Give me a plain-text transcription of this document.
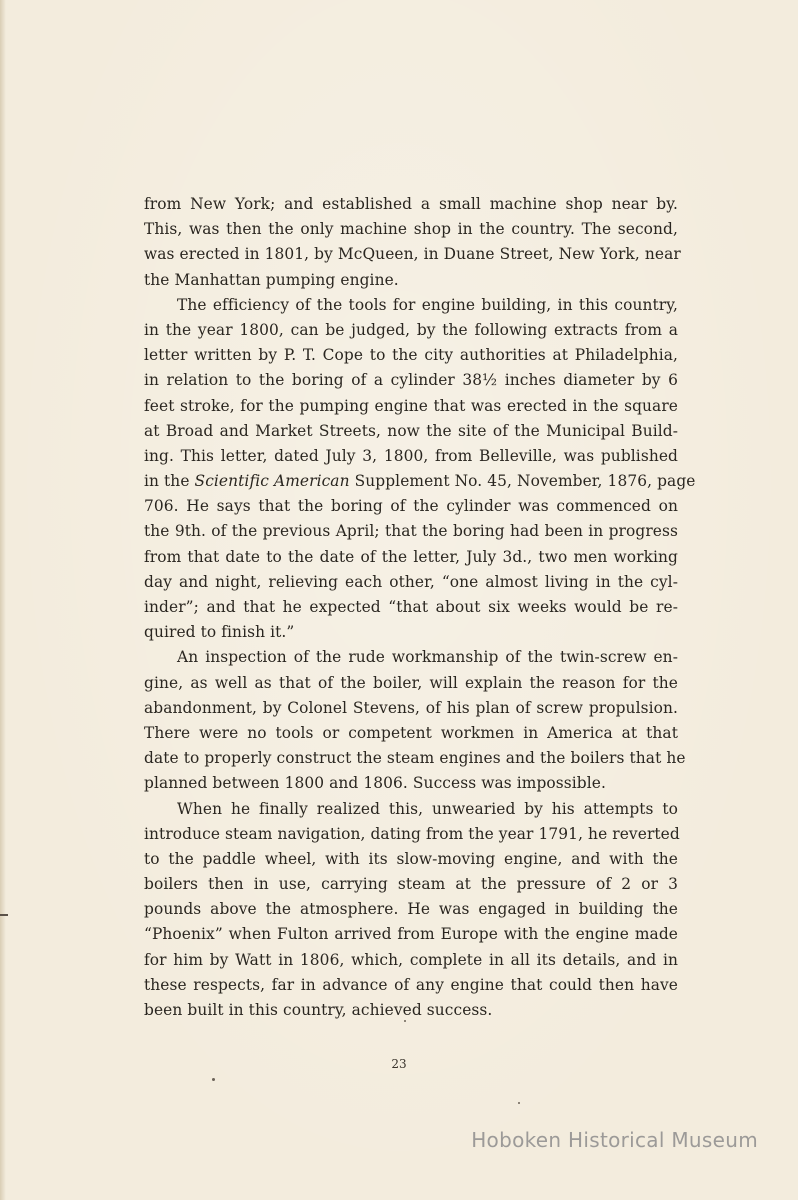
from New York; and established a small machine shop near by.
This, was then the only machine shop in the country. The second,
was erected in 1801, by McQueen, in Duane Street, New York, near
the Manhattan pumping engine.
The efficiency of the tools for engine building, in this country,
in the year 1800, can be judged, by the following extracts from a
letter written by P. T. Cope to the city authorities at Philadelphia,
in relation to the boring of a cylinder 38½ inches diameter by 6
feet stroke, for the pumping engine that was erected in the square
at Broad and Market Streets, now the site of the Municipal Build-
ing. This letter, dated July 3, 1800, from Belleville, was published
in the Scientific American Supplement No. 45, November, 1876, page
706. He says that the boring of the cylinder was commenced on
the 9th. of the previous April; that the boring had been in progress
from that date to the date of the letter, July 3d., two men working
day and night, relieving each other, “one almost living in the cyl-
inder”; and that he expected “that about six weeks would be re-
quired to finish it.”
An inspection of the rude workmanship of the twin-screw en-
gine, as well as that of the boiler, will explain the reason for the
abandonment, by Colonel Stevens, of his plan of screw propulsion.
There were no tools or competent workmen in America at that
date to properly construct the steam engines and the boilers that he
planned between 1800 and 1806. Success was impossible.
When he finally realized this, unwearied by his attempts to
introduce steam navigation, dating from the year 1791, he reverted
to the paddle wheel, with its slow-moving engine, and with the
boilers then in use, carrying steam at the pressure of 2 or 3
pounds above the atmosphere. He was engaged in building the
“Phoenix” when Fulton arrived from Europe with the engine made
for him by Watt in 1806, which, complete in all its details, and in
these respects, far in advance of any engine that could then have
been built in this country, achieved success.
23
Hoboken Historical Museum
